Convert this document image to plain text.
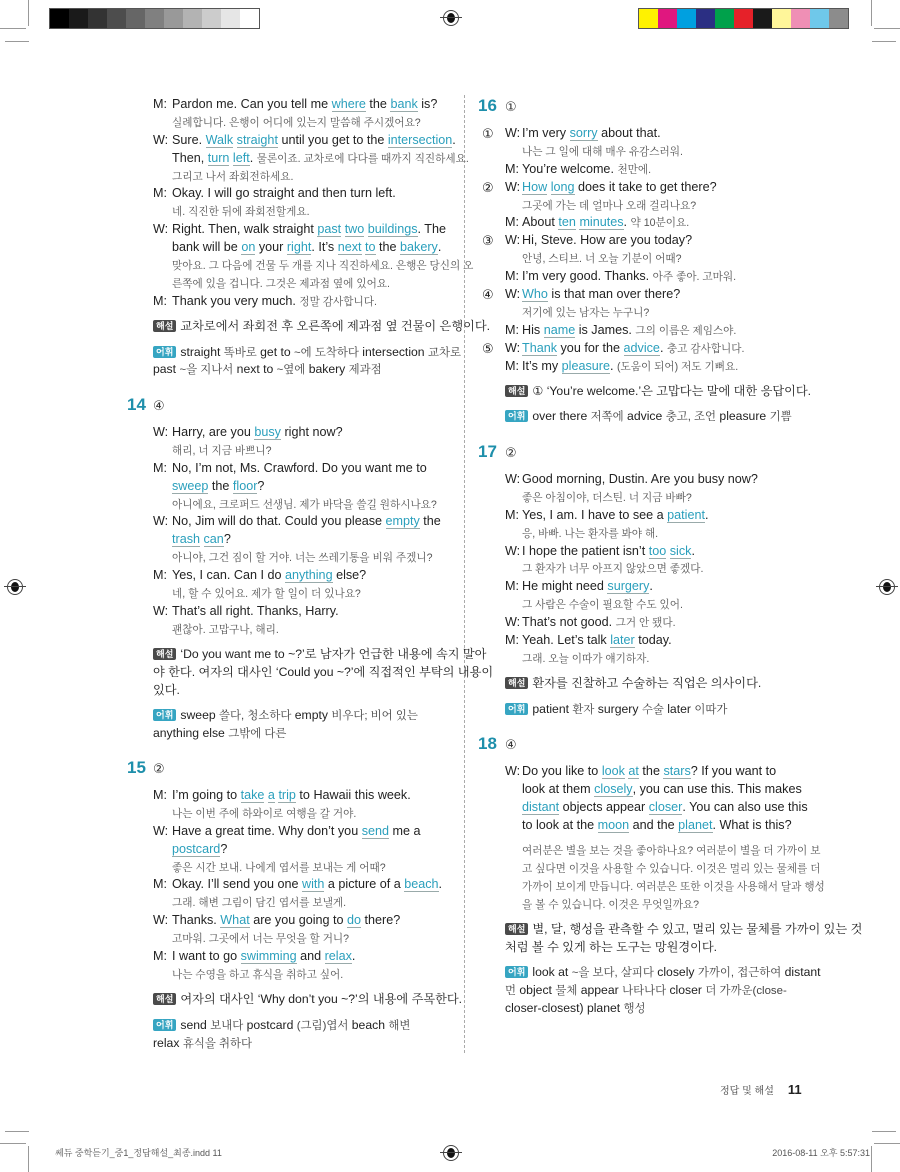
Pardon me. Can you tell me where the bank is?
M:
실례합니다. 은행이 어디에 있는지 말씀해 주시겠어요?
Sure. Walk straight until you get to the intersection.
W:
Then, turn left. 물론이죠. 교차로에 다다를 때까지 직진하세요.
그리고 나서 좌회전하세요.
Okay. I will go straight and then turn left.
M:
네. 직진한 뒤에 좌회전할게요.
Right. Then, walk straight past two buildings. The
W:
bank will be on your right. It’s next to the bakery.
맞아요. 그 다음에 건물 두 개를 지나 직진하세요. 은행은 당신의 오
른쪽에 있을 겁니다. 그것은 제과점 옆에 있어요.
Thank you very much. 정말 감사합니다.
M:
해설 교차로에서 좌회전 후 오른쪽에 제과점 옆 건물이 은행이다.
어휘 straight 똑바로 get to ~에 도착하다 intersection 교차로
past ~을 지나서 next to ~옆에 bakery 제과점
14 ④
Harry, are you busy right now?
W:
해리, 너 지금 바쁘니?
No, I’m not, Ms. Crawford. Do you want me to
M:
sweep the floor?
아니에요, 크로퍼드 선생님. 제가 바닥을 쓸길 원하시나요?
No, Jim will do that. Could you please empty the
W:
trash can?
아니야, 그건 짐이 할 거야. 너는 쓰레기통을 비워 주겠니?
Yes, I can. Can I do anything else?
M:
네, 할 수 있어요. 제가 할 일이 더 있나요?
That’s all right. Thanks, Harry.
W:
괜찮아. 고맙구나, 해리.
해설 ‘Do you want me to ~?’로 남자가 언급한 내용에 속지 말아
야 한다. 여자의 대사인 ‘Could you ~?’에 직접적인 부탁의 내용이
있다.
어휘 sweep 쓸다, 청소하다 empty 비우다; 비어 있는
anything else 그밖에 다른
15 ②
I’m going to take a trip to Hawaii this week.
M:
나는 이번 주에 하와이로 여행을 갈 거야.
Have a great time. Why don’t you send me a
W:
postcard?
좋은 시간 보내. 나에게 엽서를 보내는 게 어때?
Okay. I’ll send you one with a picture of a beach.
M:
그래. 해변 그림이 담긴 엽서를 보낼게.
Thanks. What are you going to do there?
W:
고마워. 그곳에서 너는 무엇을 할 거니?
I want to go swimming and relax.
M:
나는 수영을 하고 휴식을 취하고 싶어.
해설 여자의 대사인 ‘Why don’t you ~?’의 내용에 주목한다.
어휘 send 보내다 postcard (그림)엽서 beach 해변
relax 휴식을 취하다
16 ①
I’m very sorry about that.
① W:
나는 그 일에 대해 매우 유감스러워.
You’re welcome. 천만에.
M:
How long does it take to get there?
② W:
그곳에 가는 데 얼마나 오래 걸리나요?
About ten minutes. 약 10분이요.
M:
Hi, Steve. How are you today?
③ W:
안녕, 스티브. 너 오늘 기분이 어때?
I’m very good. Thanks. 아주 좋아. 고마워.
M:
Who is that man over there?
④ W:
저기에 있는 남자는 누구니?
His name is James. 그의 이름은 제임스야.
M:
Thank you for the advice. 충고 감사합니다.
⑤ W:
It’s my pleasure. (도움이 되어) 저도 기뻐요.
M:
해설 ① ‘You’re welcome.’은 고맙다는 말에 대한 응답이다.
어휘 over there 저쪽에 advice 충고, 조언 pleasure 기쁨
17 ②
Good morning, Dustin. Are you busy now?
W:
좋은 아침이야, 더스틴. 너 지금 바빠?
Yes, I am. I have to see a patient.
M:
응, 바빠. 나는 환자를 봐야 해.
I hope the patient isn’t too sick.
W:
그 환자가 너무 아프지 않았으면 좋겠다.
He might need surgery.
M:
그 사람은 수술이 필요할 수도 있어.
That’s not good. 그거 안 됐다.
W:
Yeah. Let’s talk later today.
M:
그래. 오늘 이따가 얘기하자.
해설 환자를 진찰하고 수술하는 직업은 의사이다.
어휘 patient 환자 surgery 수술 later 이따가
18 ④
Do you like to look at the stars? If you want to
W:
look at them closely, you can use this. This makes
distant objects appear closer. You can also use this
to look at the moon and the planet. What is this?
여러분은 별을 보는 것을 좋아하나요? 여러분이 별을 더 가까이 보
고 싶다면 이것을 사용할 수 있습니다. 이것은 멀리 있는 물체를 더
가까이 보이게 만듭니다. 여러분은 또한 이것을 사용해서 달과 행성
을 볼 수 있습니다. 이것은 무엇일까요?
해설 별, 달, 행성을 관측할 수 있고, 멀리 있는 물체를 가까이 있는 것
처럼 볼 수 있게 하는 도구는 망원경이다.
어휘 look at ~을 보다, 살피다 closely 가까이, 접근하여 distant
먼 object 물체 appear 나타나다 closer 더 가까운(close-
closer-closest) planet 행성
정답 및 해설 11
쎄듀 중학듣기_중1_정답해설_최종.indd 11	2016-08-11 오후 5:57:31
